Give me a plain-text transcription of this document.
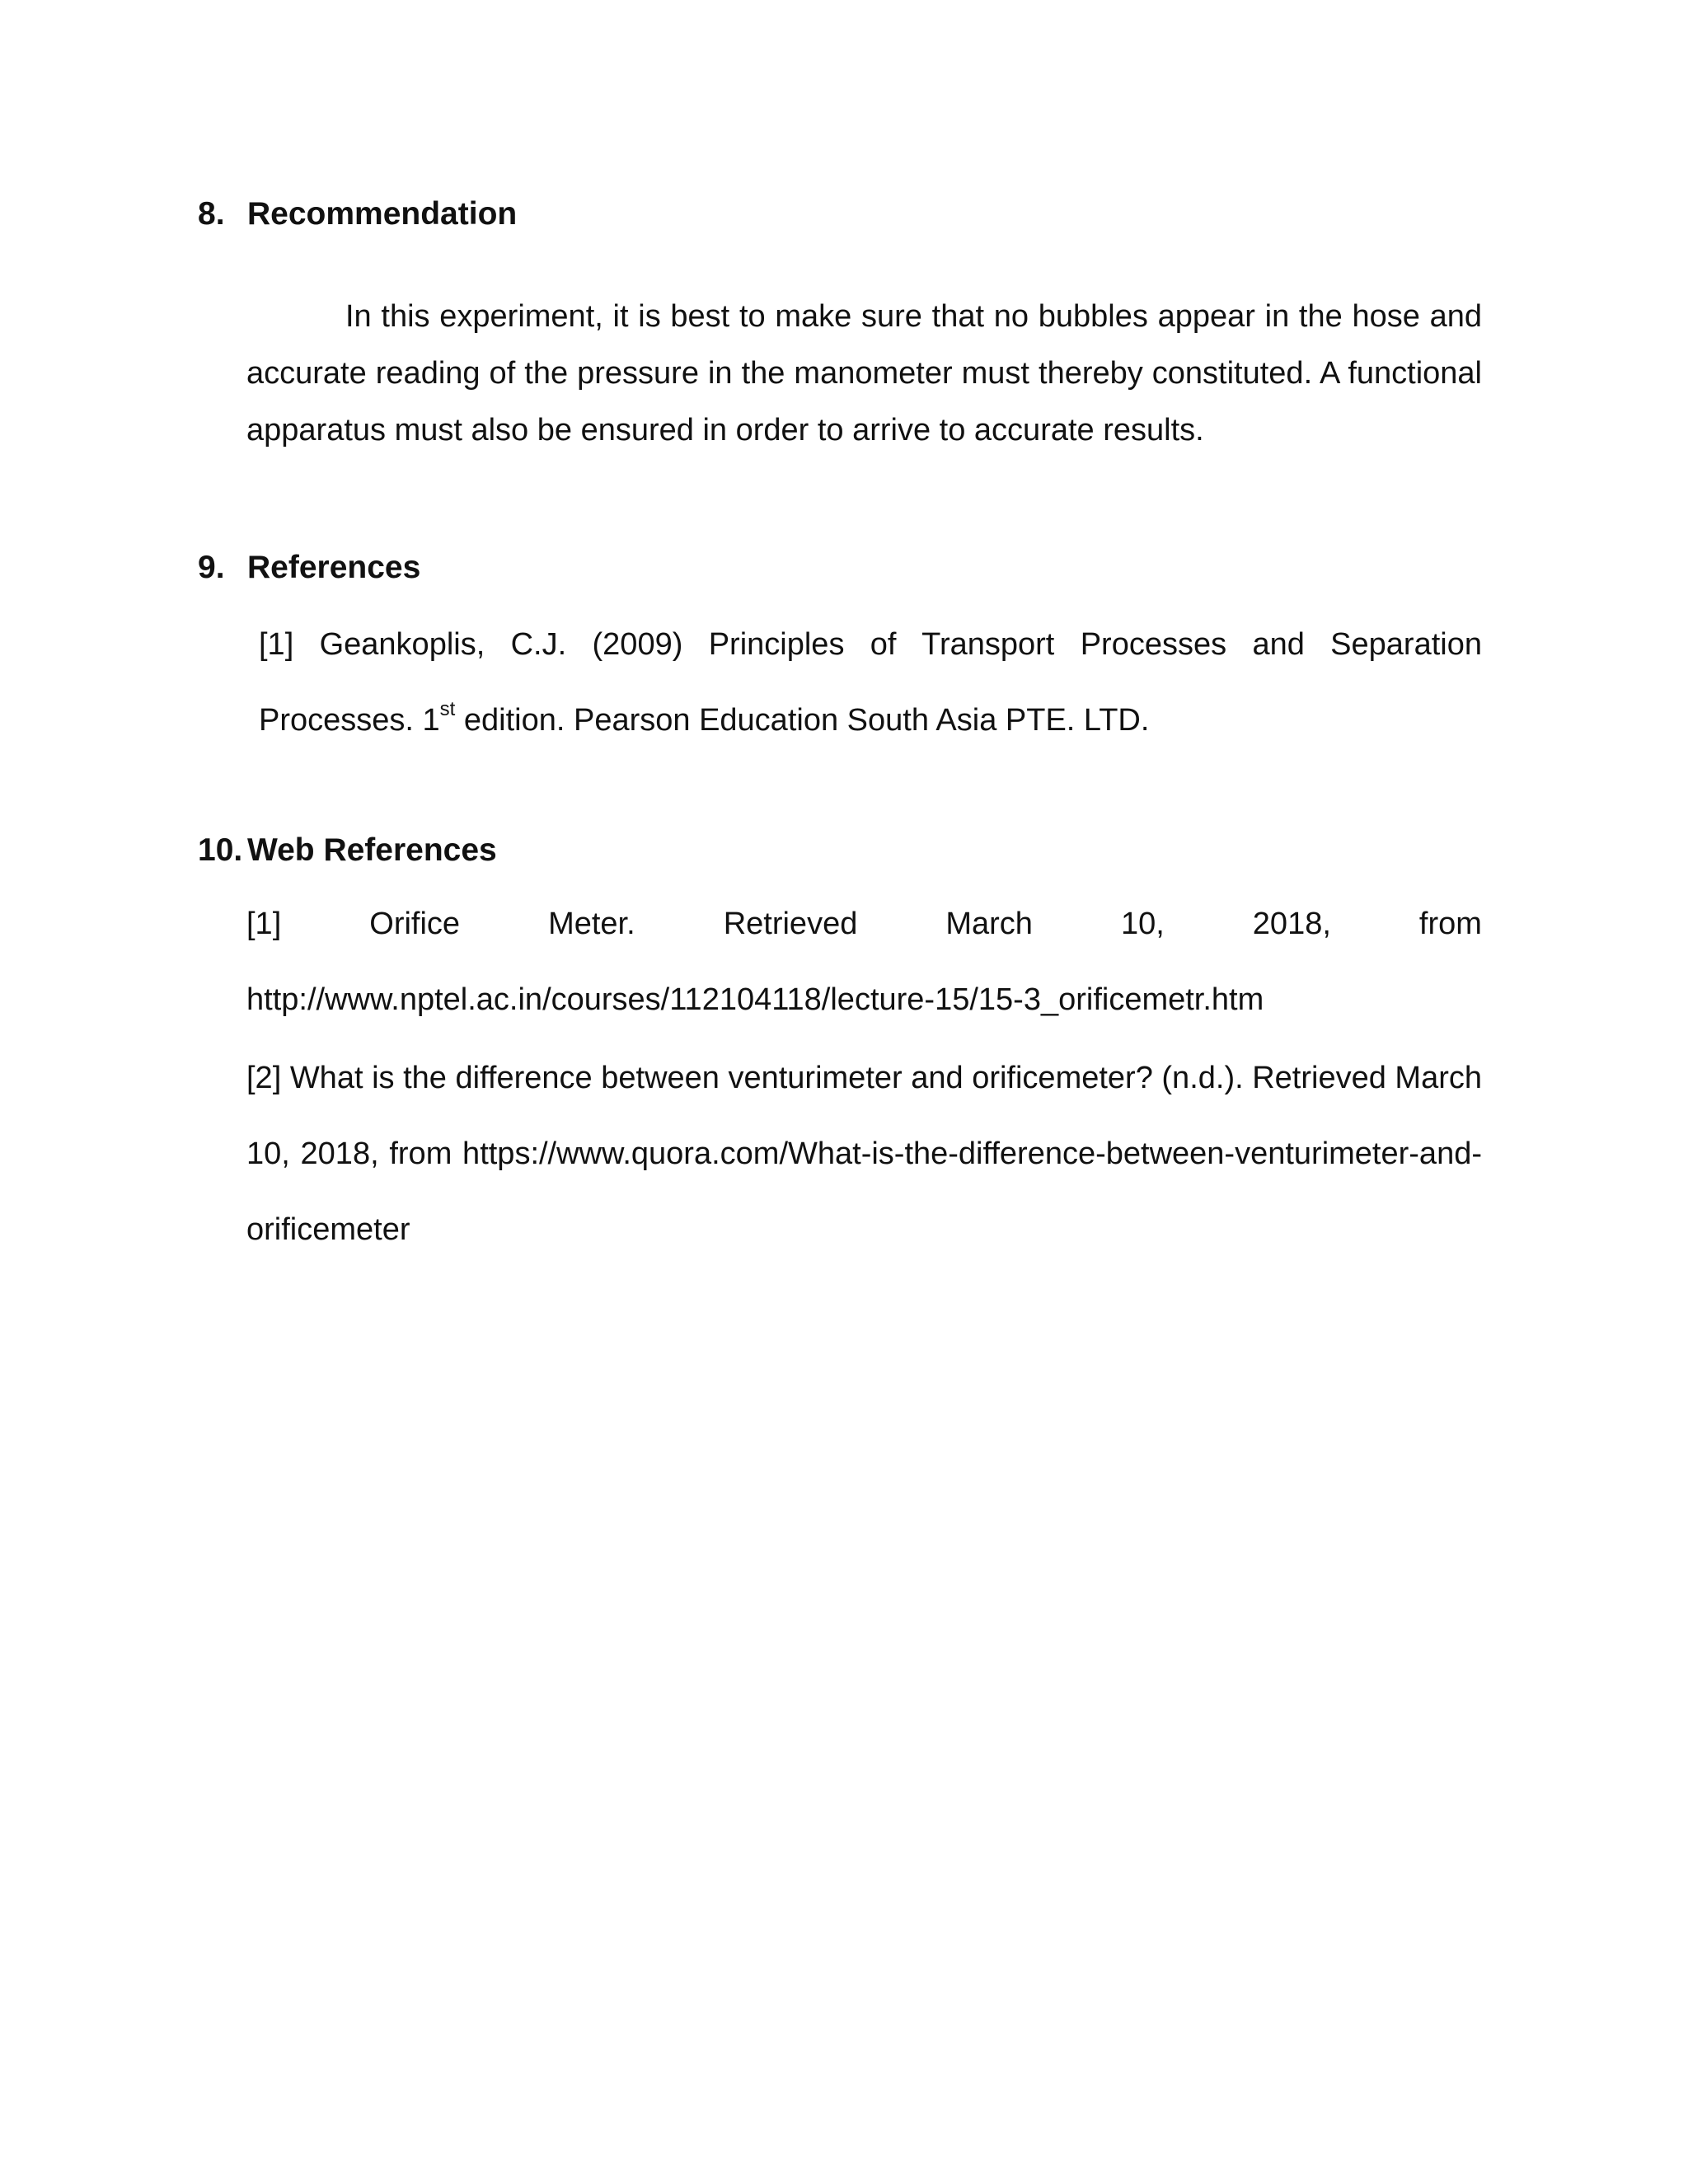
8. Recommendation
In this experiment, it is best to make sure that no bubbles appear in the hose and accurate reading of the pressure in the manometer must thereby constituted. A functional apparatus must also be ensured in order to arrive to accurate results.
9. References
[1] Geankoplis, C.J. (2009) Principles of Transport Processes and Separation Processes. 1st edition. Pearson Education South Asia PTE. LTD.
10. Web References
[1]	Orifice	Meter.	Retrieved	March	10,	2018,	from
http://www.nptel.ac.in/courses/112104118/lecture-15/15-3_orificemetr.htm
[2] What is the difference between venturimeter and orificemeter? (n.d.). Retrieved March 10, 2018, from https://www.quora.com/What-is-the-difference-between-venturimeter-and-orificemeter
